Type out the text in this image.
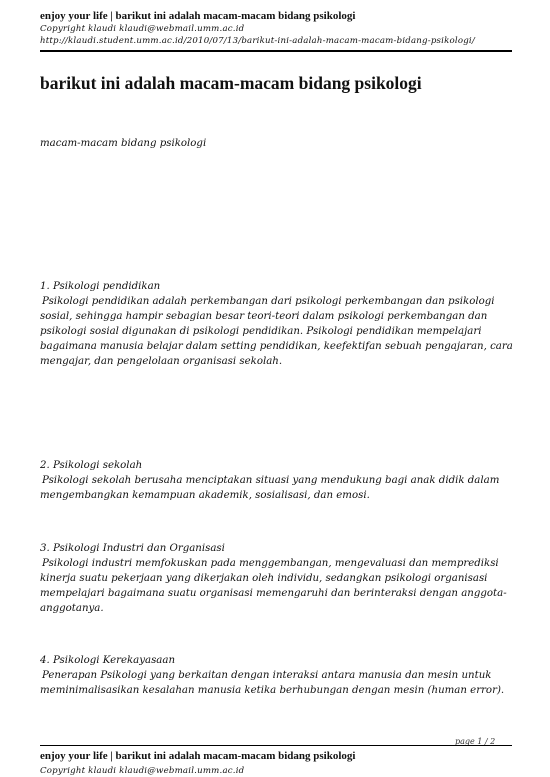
enjoy your life | barikut ini adalah macam-macam bidang psikologi
Copyright klaudi klaudi@webmail.umm.ac.id
http://klaudi.student.umm.ac.id/2010/07/13/barikut-ini-adalah-macam-macam-bidang-psikologi/
barikut ini adalah macam-macam bidang psikologi
macam-macam bidang psikologi
1. Psikologi pendidikan
Psikologi pendidikan adalah perkembangan dari psikologi perkembangan dan psikologi sosial, sehingga hampir sebagian besar teori-teori dalam psikologi perkembangan dan psikologi sosial digunakan di psikologi pendidikan. Psikologi pendidikan mempelajari bagaimana manusia belajar dalam setting pendidikan, keefektifan sebuah pengajaran, cara mengajar, dan pengelolaan organisasi sekolah.
2. Psikologi sekolah
Psikologi sekolah berusaha menciptakan situasi yang mendukung bagi anak didik dalam mengembangkan kemampuan akademik, sosialisasi, dan emosi.
3. Psikologi Industri dan Organisasi
Psikologi industri memfokuskan pada menggembangan, mengevaluasi dan memprediksi kinerja suatu pekerjaan yang dikerjakan oleh individu, sedangkan psikologi organisasi mempelajari bagaimana suatu organisasi memengaruhi dan berinteraksi dengan anggota-anggotanya.
4. Psikologi Kerekayasaan
Penerapan Psikologi yang berkaitan dengan interaksi antara manusia dan mesin untuk meminimalisasikan kesalahan manusia ketika berhubungan dengan mesin (human error).
page 1 / 2
enjoy your life | barikut ini adalah macam-macam bidang psikologi
Copyright klaudi klaudi@webmail.umm.ac.id
